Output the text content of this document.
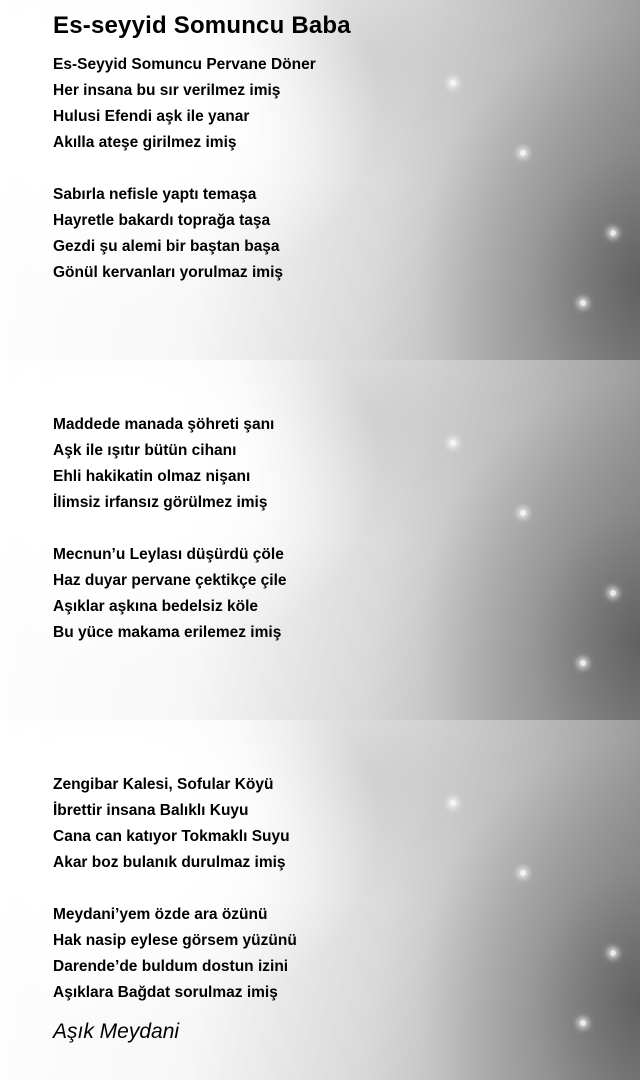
Es-seyyid Somuncu Baba
Es-Seyyid Somuncu Pervane Döner
Her insana bu sır verilmez imiş
Hulusi Efendi aşk ile yanar
Akılla ateşe girilmez imiş
Sabırla nefisle yaptı temaşa
Hayretle bakardı toprağa taşa
Gezdi şu alemi bir baştan başa
Gönül kervanları yorulmaz imiş
Maddede manada şöhreti şanı
Aşk ile ışıtır bütün cihanı
Ehli hakikatin olmaz nişanı
İlimsiz irfansız görülmez imiş
Mecnun’u Leylası düşürdü çöle
Haz duyar pervane çektikçe çile
Aşıklar aşkına bedelsiz köle
Bu yüce makama erilemez imiş
Zengibar Kalesi, Sofular Köyü
İbrettir insana Balıklı Kuyu
Cana can katıyor Tokmaklı Suyu
Akar boz bulanık durulmaz imiş
Meydani’yem özde ara özünü
Hak nasip eylese görsem yüzünü
Darende’de buldum dostun izini
Aşıklara Bağdat sorulmaz imiş
Aşık Meydani
